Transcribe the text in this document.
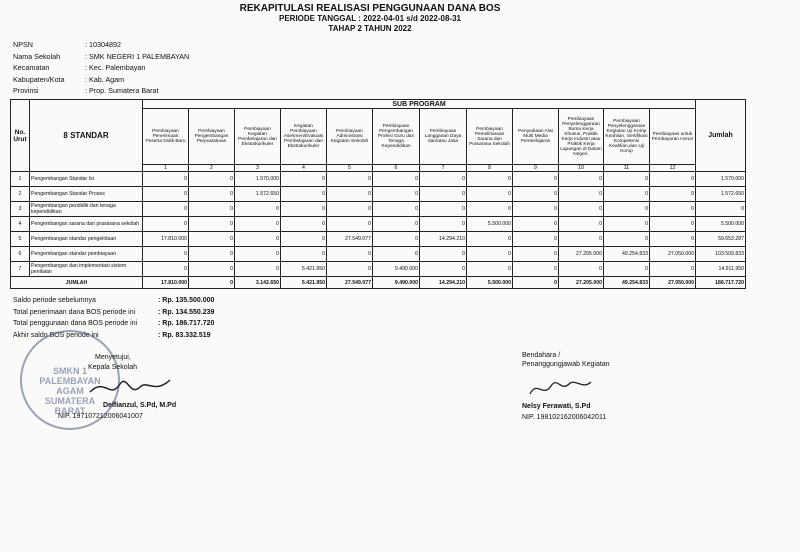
REKAPITULASI REALISASI PENGGUNAAN DANA BOS
PERIODE TANGGAL : 2022-04-01 s/d 2022-08-31
TAHAP 2 TAHUN 2022
NPSN	: 10304892
Nama Sekolah	: SMK NEGERI 1 PALEMBAYAN
Kecamatan	: Kec. Palembayan
Kabupaten/Kota	: Kab. Agam
Provinsi	: Prop. Sumatera Barat
No. Urut	8 STANDAR	SUB PROGRAM												Jumlah
		Pembiayaan Penerimaan Peserta Didik Baru	Pembiayaan Pengembangan Perpustakaan	Pembiayaan Kegiatan Pembelajaran dan Ekstrakurikuler	Kegiatan Pembiayaan Asesmen/Evaluasi Pembelajaran dan Ekstrakurikuler	Pembiayaan Administrasi Kegiatan Sekolah	Pembiayaan Pengembangan Profesi Guru dan Tenaga Kependidikan	Pembiayaan Langganan Daya dan/atau Jasa	Pembiayaan Pemeliharaan Sarana dan Prasarana Sekolah	Penyediaan Alat Multi Media Pembelajaran	Pembiayaan Penyelenggaraan Bursa Kerja Khusus, Praktik Kerja Industri atau Praktik Kerja Lapangan di Dalam Negeri,	Pembiayaan Penyelenggaraan Kegiatan Uji Komp Keahlian, Sertifikasi Kompetensi Keahlian,dan Uji Komp	Pembiayaan untuk Pembayaran Honor	
		1	2	3	4	5	6	7	8	9	10	11	12	
1	Pengembangan Standar Isi	0	0	1.570.000	0	0	0	0	0	0	0	0	0	1.570.000
2	Pengembangan Standar Proses	0	0	1.572.650	0	0	0	0	0	0	0	0	0	1.572.650
3	Pengembangan pendidik dan tenaga kependidikan	0	0	0	0	0	0	0	0	0	0	0	0	0
4	Pengembangan sarana dan prasarana sekolah	0	0	0	0	0	0	0	5.500.000	0	0	0	0	5.500.000
5	Pengembangan standar pengelolaan	17.810.000	0	0	0	27.549.077	0	14.294.210	0	0	0	0	0	59.653.287
6	Pengembangan standar pembiayaan	0	0	0	0	0	0	0	0	0	27.205.000	49.254.833	27.050.000	103.509.833
7	Pengembangan dan implementasi sistem penilaian	0	0	0	5.421.950	0	9.490.000	0	0	0	0	0	0	14.911.950
JUMLAH		17.810.000	0	3.142.650	5.421.950	27.549.077	9.490.000	14.294.210	5.500.000	0	27.205.000	49.254.833	27.050.000	186.717.720
Saldo periode sebelumnya	: Rp. 135.500.000
Total penerimaan dana BOS periode ini	: Rp. 134.550.239
Total penggunaan dana BOS periode ini	: Rp. 186.717.720
Akhir saldo BOS periode ini	: Rp. 83.332.519
SMKN 1 PALEMBAYAN AGAM SUMATERA BARAT
Menyetujui,
Kepala Sekolah
Delfianzul, S.Pd, M.Pd
NIP. 197107212006041007
Bendahara /
Penanggungjawab Kegiatan
Nelsy Ferawati, S.Pd
NIP. 198102162006042011
